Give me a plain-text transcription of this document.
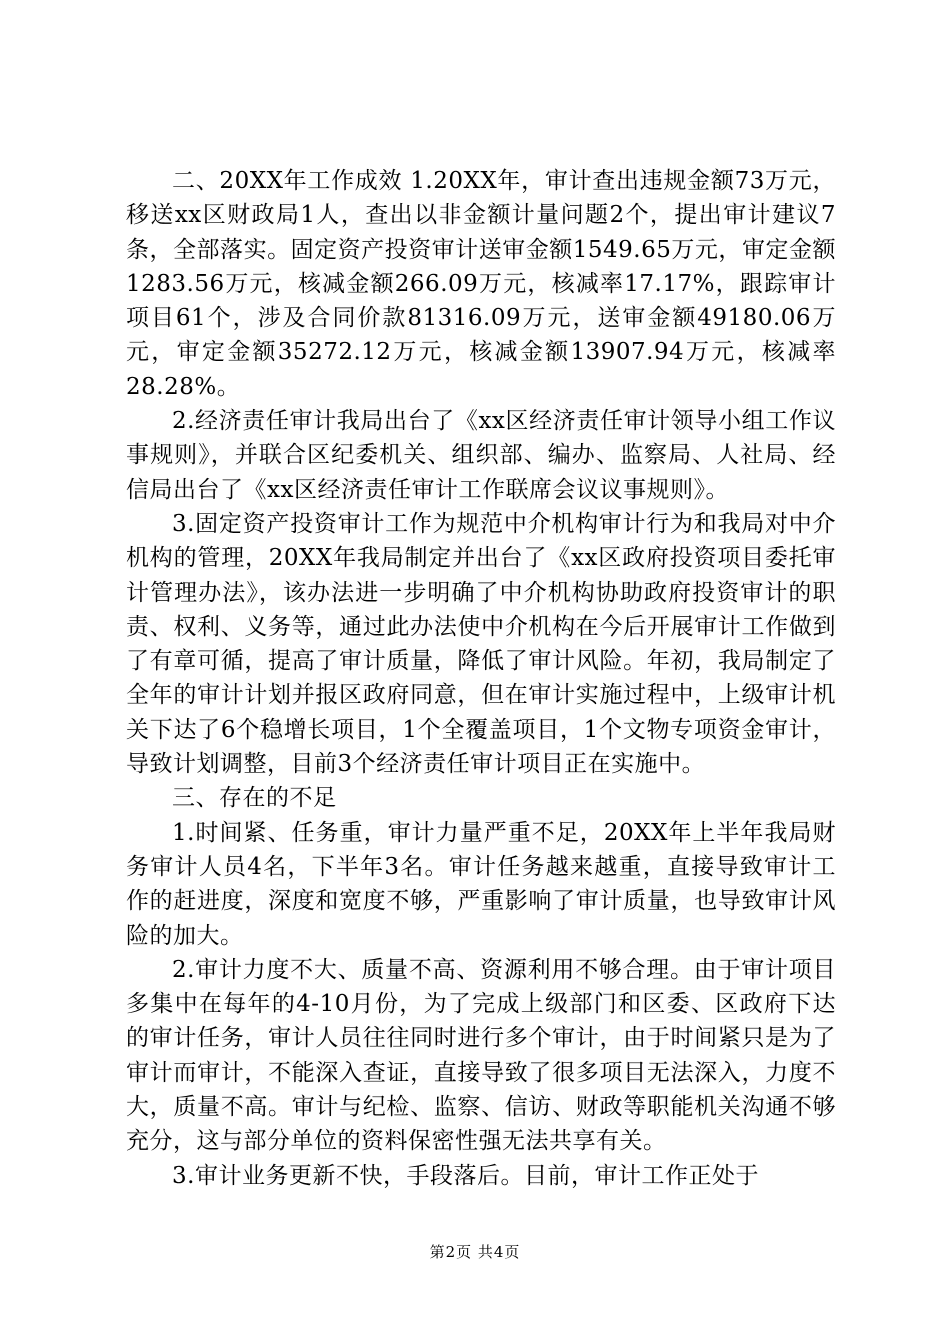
二、20XX年工作成效 1.20XX年，审计查出违规金额73万元，移送xx区财政局1人，查出以非金额计量问题2个，提出审计建议7条，全部落实。固定资产投资审计送审金额1549.65万元，审定金额1283.56万元，核减金额266.09万元，核减率17.17%，跟踪审计项目61个，涉及合同价款81316.09万元，送审金额49180.06万元，审定金额35272.12万元，核减金额13907.94万元，核减率28.28%。

2.经济责任审计我局出台了《xx区经济责任审计领导小组工作议事规则》，并联合区纪委机关、组织部、编办、监察局、人社局、经信局出台了《xx区经济责任审计工作联席会议议事规则》。

3.固定资产投资审计工作为规范中介机构审计行为和我局对中介机构的管理，20XX年我局制定并出台了《xx区政府投资项目委托审计管理办法》，该办法进一步明确了中介机构协助政府投资审计的职责、权利、义务等，通过此办法使中介机构在今后开展审计工作做到了有章可循，提高了审计质量，降低了审计风险。年初，我局制定了全年的审计计划并报区政府同意，但在审计实施过程中，上级审计机关下达了6个稳增长项目，1个全覆盖项目，1个文物专项资金审计，导致计划调整，目前3个经济责任审计项目正在实施中。

三、存在的不足

1.时间紧、任务重，审计力量严重不足，20XX年上半年我局财务审计人员4名，下半年3名。审计任务越来越重，直接导致审计工作的赶进度，深度和宽度不够，严重影响了审计质量，也导致审计风险的加大。

2.审计力度不大、质量不高、资源利用不够合理。由于审计项目多集中在每年的4-10月份，为了完成上级部门和区委、区政府下达的审计任务，审计人员往往同时进行多个审计，由于时间紧只是为了审计而审计，不能深入查证，直接导致了很多项目无法深入，力度不大，质量不高。审计与纪检、监察、信访、财政等职能机关沟通不够充分，这与部分单位的资料保密性强无法共享有关。

3.审计业务更新不快，手段落后。目前，审计工作正处于

第2页 共4页
